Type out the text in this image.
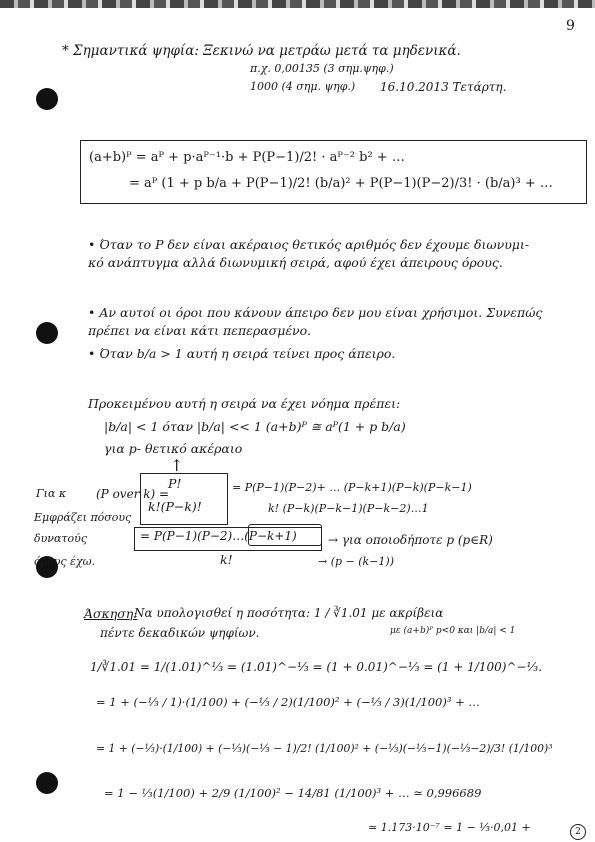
9
* Σημαντικά ψηφία: Ξεκινώ να μετράω μετά τα μηδενικά.
π.χ. 0,00135 (3 σημ.ψηφ.)
1000 (4 σημ. ψηφ.) 16.10.2013 Τετάρτη.
(a+b)ᴾ = aᴾ + p·aᴾ⁻¹·b + P(P−1)/2! · aᴾ⁻² b² + …
= aᴾ (1 + p b/a + P(P−1)/2! (b/a)² + P(P−1)(P−2)/3! · (b/a)³ + …
• Όταν το P δεν είναι ακέραιος θετικός αριθμός δεν έχουμε διωνυμι-
κό ανάπτυγμα αλλά διωνυμική σειρά, αφού έχει άπειρους όρους.
• Αν αυτοί οι όροι που κάνουν άπειρο δεν μου είναι χρήσιμοι. Συνεπώς
πρέπει να είναι κάτι πεπερασμένο.
• Όταν b/a > 1 αυτή η σειρά τείνει προς άπειρο.
Προκειμένου αυτή η σειρά να έχει νόημα πρέπει:
|b/a| < 1 όταν |b/a| << 1 (a+b)ᴾ ≅ aᴾ(1 + p b/a)
για p- θετικό ακέραιο
↑
Για κ
Εμφράζει πόσους
δυνατούς
όρους έχω.
(P over k) =
P!
k!(P−k)!
= P(P−1)(P−2)+ … (P−k+1)(P−k)(P−k−1)
k! (P−k)(P−k−1)(P−k−2)…1
= P(P−1)(P−2)…(P−k+1)
k!
→ για οποιοδήποτε p (p∈R)
→ (p − (k−1))
Άσκηση:
Να υπολογισθεί η ποσότητα: 1 / ∛1.01 με ακρίβεια
πέντε δεκαδικών ψηφίων.	με (a+b)ᴾ p<0 και |b/a| < 1
1/∛1.01 = 1/(1.01)^⅓ = (1.01)^−⅓ = (1 + 0.01)^−⅓ = (1 + 1/100)^−⅓.
= 1 + (−⅓ / 1)·(1/100) + (−⅓ / 2)(1/100)² + (−⅓ / 3)(1/100)³ + …
= 1 + (−⅓)·(1/100) + (−⅓)(−⅓ − 1)/2! (1/100)² + (−⅓)(−⅓−1)(−⅓−2)/3! (1/100)³
= 1 − ⅓(1/100) + 2/9 (1/100)² − 14/81 (1/100)³ + … ≃ 0,996689
≃ 1.173·10⁻⁷ = 1 − ⅓·0,01 +	2
